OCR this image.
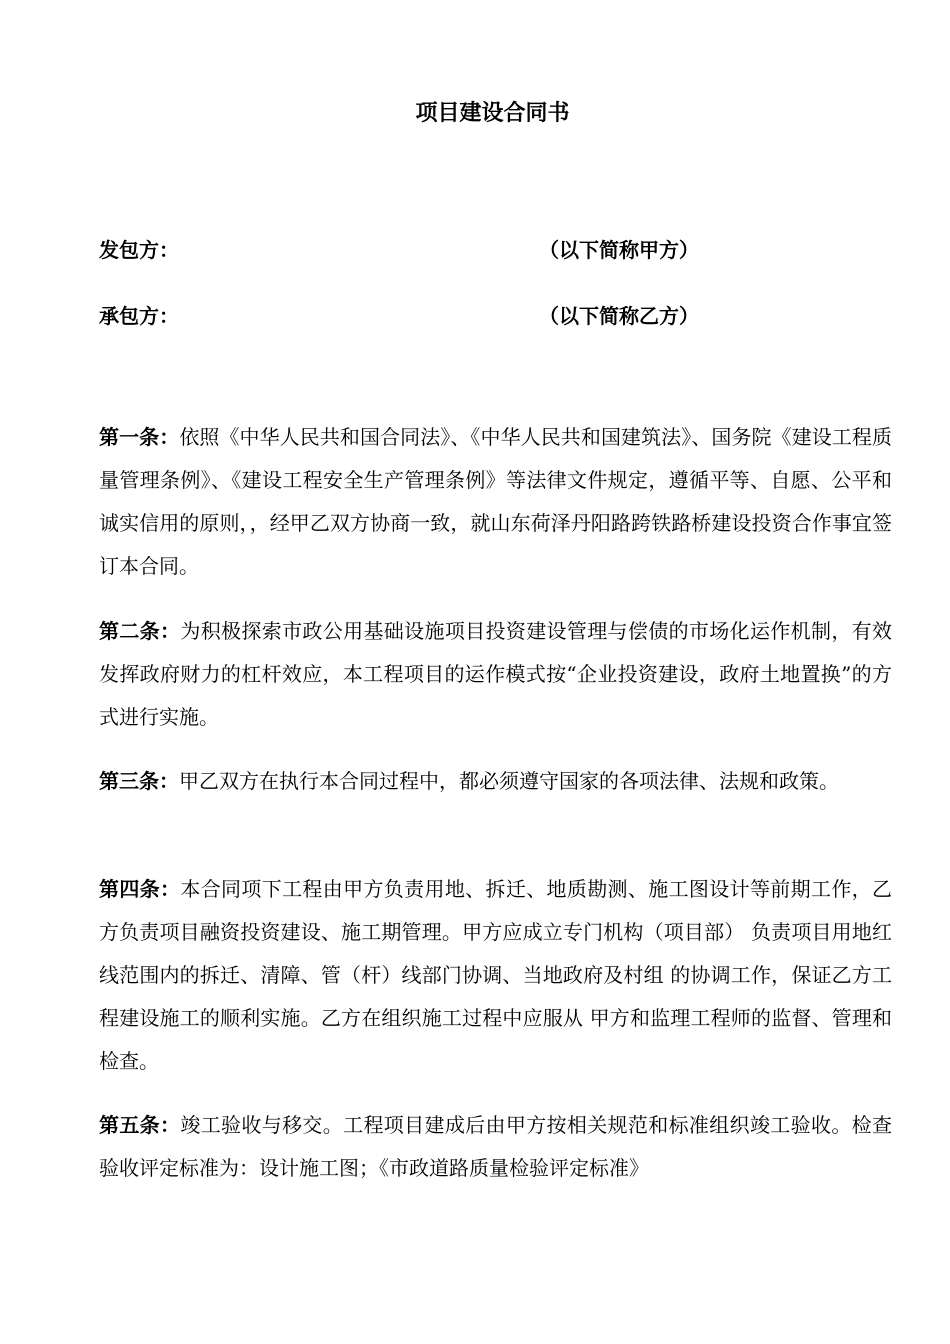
项目建设合同书
发包方：	（以下简称甲方）
承包方：	（以下简称乙方）

第一条：依照《中华人民共和国合同法》、《中华人民共和国建筑法》、国务院《建设工程质量管理条例》、《建设工程安全生产管理条例》等法律文件规定，遵循平等、自愿、公平和诚实信用的原则，，经甲乙双方协商一致，就山东荷泽丹阳路跨铁路桥建设投资合作事宜签订本合同。

第二条：为积极探索市政公用基础设施项目投资建设管理与偿债的市场化运作机制，有效发挥政府财力的杠杆效应，本工程项目的运作模式按“企业投资建设，政府土地置换”的方式进行实施。

第三条：甲乙双方在执行本合同过程中，都必须遵守国家的各项法律、法规和政策。

第四条：本合同项下工程由甲方负责用地、拆迁、地质勘测、施工图设计等前期工作，乙方负责项目融资投资建设、施工期管理。甲方应成立专门机构（项目部） 负责项目用地红线范围内的拆迁、清障、管（杆）线部门协调、当地政府及村组 的协调工作，保证乙方工程建设施工的顺利实施。乙方在组织施工过程中应服从 甲方和监理工程师的监督、管理和检查。

第五条：竣工验收与移交。工程项目建成后由甲方按相关规范和标准组织竣工验收。检查验收评定标准为：设计施工图；《市政道路质量检验评定标准》
